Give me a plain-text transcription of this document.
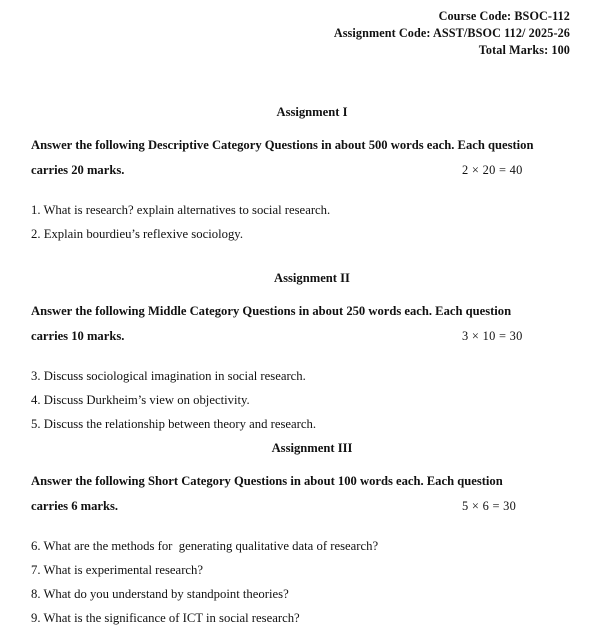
Course Code: BSOC-112
Assignment Code: ASST/BSOC 112/ 2025-26
Total Marks: 100
Assignment I
Answer the following Descriptive Category Questions in about 500 words each. Each question carries 20 marks.	2 × 20 = 40
1. What is research? explain alternatives to social research.
2. Explain bourdieu’s reflexive sociology.
Assignment II
Answer the following Middle Category Questions in about 250 words each. Each question carries 10 marks.	3 × 10 = 30
3. Discuss sociological imagination in social research.
4. Discuss Durkheim’s view on objectivity.
5. Discuss the relationship between theory and research.
Assignment III
Answer the following Short Category Questions in about 100 words each. Each question carries 6 marks.	5 × 6 = 30
6. What are the methods for  generating qualitative data of research?
7. What is experimental research?
8. What do you understand by standpoint theories?
9. What is the significance of ICT in social research?
